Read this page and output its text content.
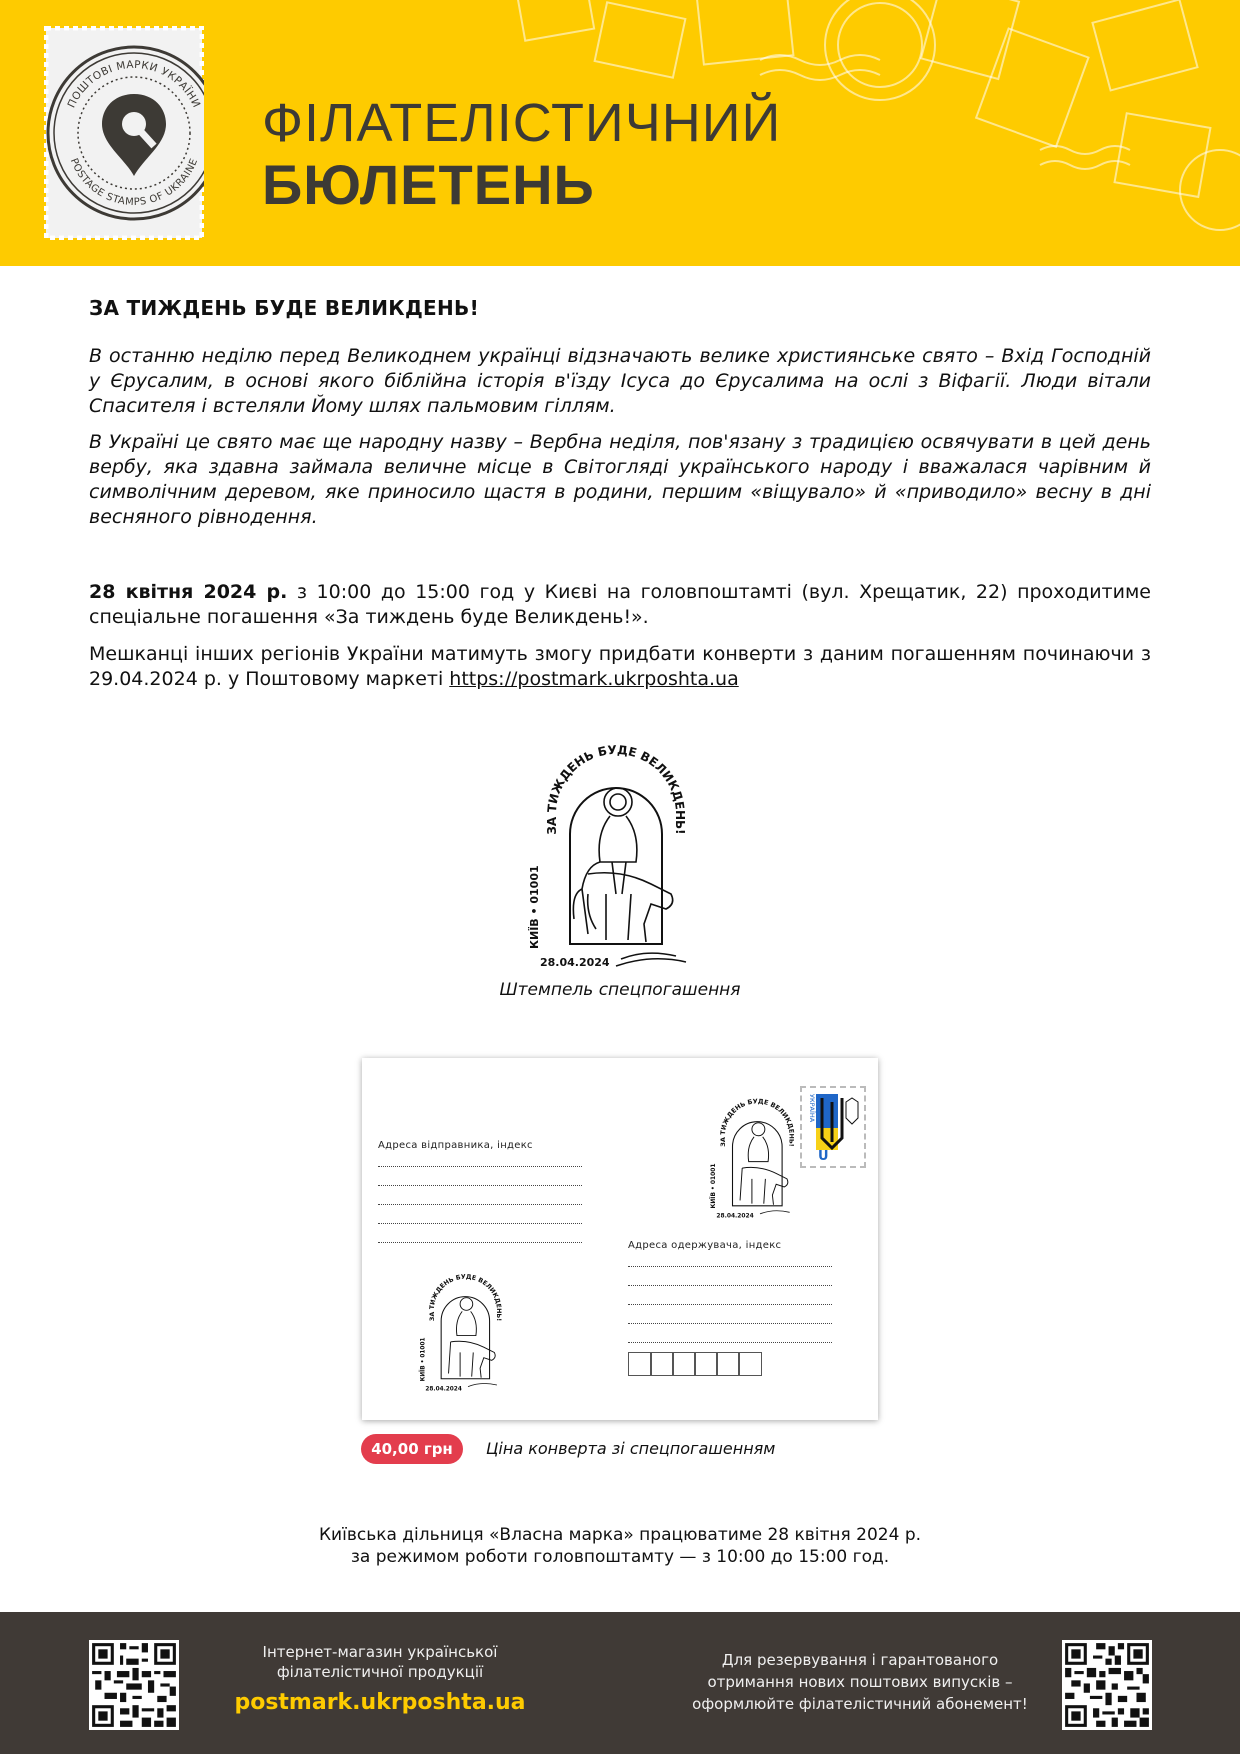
ПОШТОВІ МАРКИ УКРАЇНИ
POSTAGE STAMPS OF UKRAINE
ФІЛАТЕЛІСТИЧНИЙ
БЮЛЕТЕНЬ
ЗА ТИЖДЕНЬ БУДЕ ВЕЛИКДЕНЬ!

В останню неділю перед Великоднем українці відзначають велике християнське свято – Вхід Господній у Єрусалим, в основі якого біблійна історія в'їзду Ісуса до Єрусалима на ослі з Віфагії. Люди вітали Спасителя і встеляли Йому шлях пальмовим гіллям.

В Україні це свято має ще народну назву – Вербна неділя, пов'язану з традицією освячувати в цей день вербу, яка здавна займала величне місце в Світогляді українського народу і вважалася чарівним й символічним деревом, яке приносило щастя в родини, першим «віщувало» й «приводило» весну в дні весняного рівнодення.

28 квітня 2024 р. з 10:00 до 15:00 год у Києві на головпоштамті (вул. Хрещатик, 22) проходитиме спеціальне погашення «За тиждень буде Великдень!».

Мешканці інших регіонів України матимуть змогу придбати конверти з даним погашенням починаючи з 29.04.2024 р. у Поштовому маркеті https://postmark.ukrposhta.ua

ЗА ТИЖДЕНЬ БУДЕ ВЕЛИКДЕНЬ!
КИЇВ • 01001
28.04.2024
Штемпель спецпогашення
Адреса відправника, індекс
ЗА ТИЖДЕНЬ БУДЕ ВЕЛИКДЕНЬ!
КИЇВ • 01001
28.04.2024
U
УКРАЇНА
ЗА ТИЖДЕНЬ БУДЕ ВЕЛИКДЕНЬ!
КИЇВ • 01001
28.04.2024
Адреса одержувача, індекс
40,00 грн	Ціна конверта зі спецпогашенням
Київська дільниця «Власна марка» працюватиме 28 квітня 2024 р.
за режимом роботи головпоштамту — з 10:00 до 15:00 год.
Інтернет-магазин української
філателістичної продукції
postmark.ukrposhta.ua
Для резервування і гарантованого
отримання нових поштових випусків –
оформлюйте філателістичний абонемент!
